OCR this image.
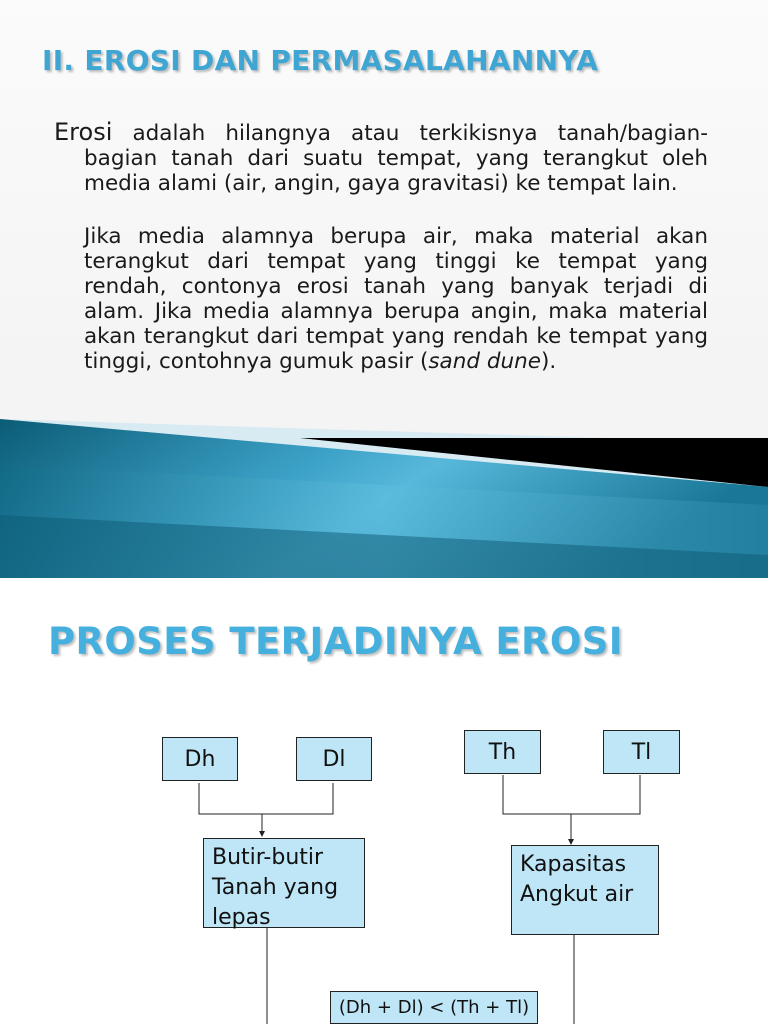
II. EROSI DAN PERMASALAHANNYA

Erosi adalah hilangnya atau terkikisnya tanah/bagian-bagian tanah dari suatu tempat, yang terangkut oleh media alami (air, angin, gaya gravitasi) ke tempat lain.

Jika media alamnya berupa air, maka material akan terangkut dari tempat yang tinggi ke tempat yang rendah, contonya erosi tanah yang banyak terjadi di alam. Jika media alamnya berupa angin, maka material akan terangkut dari tempat yang rendah ke tempat yang tinggi, contohnya gumuk pasir (sand dune).

PROSES TERJADINYA EROSI
Dh	Dl	Th	Tl
Butir-butir
Tanah yang
lepas
Kapasitas
Angkut air
(Dh + Dl) < (Th + Tl)
